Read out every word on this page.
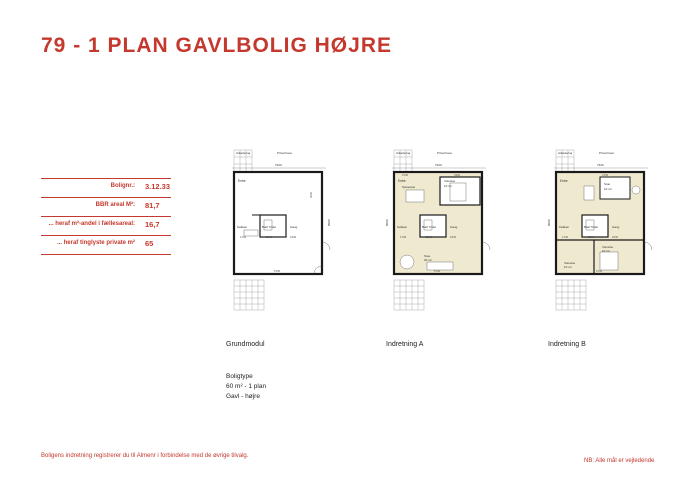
79 - 1 PLAN GAVLBOLIG HØJRE
Bolignr.: 3.12.33
BBR areal M²: 81,7
... heraf m²-andel i fællesareal: 16,7
... heraf tinglyste private m² 65
Arkade/vej	Privat have
7320
Entre
Køkken	Bad/ Toilet	Gang
1700	2300	1600
3000
8000
6700
Grundmodul
Arkade/vej	Privat have
7320
Entre
Spisestue
Værelse
10 m²
2700	3300
Køkken	Bad/ Toilet	Gang
1700	2300	1600
Stue
20 m²
8000
6700
Indretning A
Arkade/vej	Privat have
7320
Entre
Stue
10 m²
2700
Køkken	Bad/ Toilet	Gang
1700	2300	1600
Værelse
10 m²
Værelse
10 m²
8000
6700
Indretning B
Boligtype
60 m² - 1 plan
Gavl - højre
Boligens indretning registrerer du til Almenr i forbindelse med de øvrige tilvalg.
NB: Alle mål er vejledende
